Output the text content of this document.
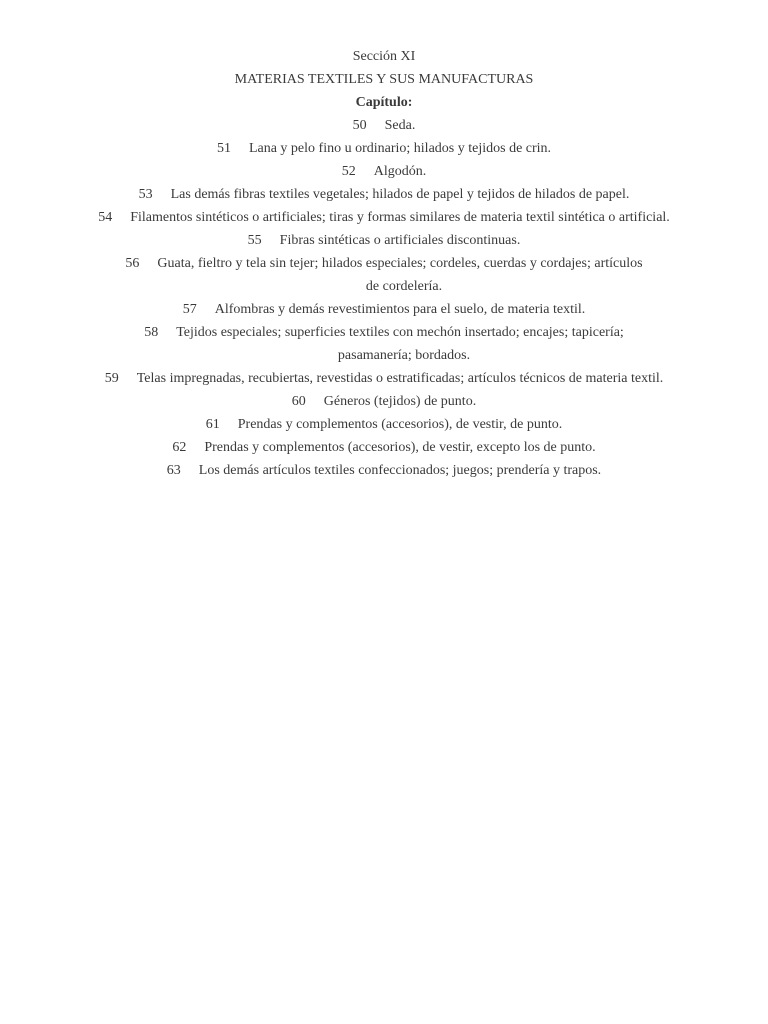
Sección XI
MATERIAS TEXTILES Y SUS MANUFACTURAS
Capítulo:
50 Seda.
51 Lana y pelo fino u ordinario; hilados y tejidos de crin.
52 Algodón.
53 Las demás fibras textiles vegetales; hilados de papel y tejidos de hilados de papel.
54 Filamentos sintéticos o artificiales; tiras y formas similares de materia textil sintética o artificial.
55 Fibras sintéticas o artificiales discontinuas.
56 Guata, fieltro y tela sin tejer; hilados especiales; cordeles, cuerdas y cordajes; artículos
de cordelería.
57 Alfombras y demás revestimientos para el suelo, de materia textil.
58 Tejidos especiales; superficies textiles con mechón insertado; encajes; tapicería;
pasamanería; bordados.
59 Telas impregnadas, recubiertas, revestidas o estratificadas; artículos técnicos de materia textil.
60 Géneros (tejidos) de punto.
61 Prendas y complementos (accesorios), de vestir, de punto.
62 Prendas y complementos (accesorios), de vestir, excepto los de punto.
63 Los demás artículos textiles confeccionados; juegos; prendería y trapos.
